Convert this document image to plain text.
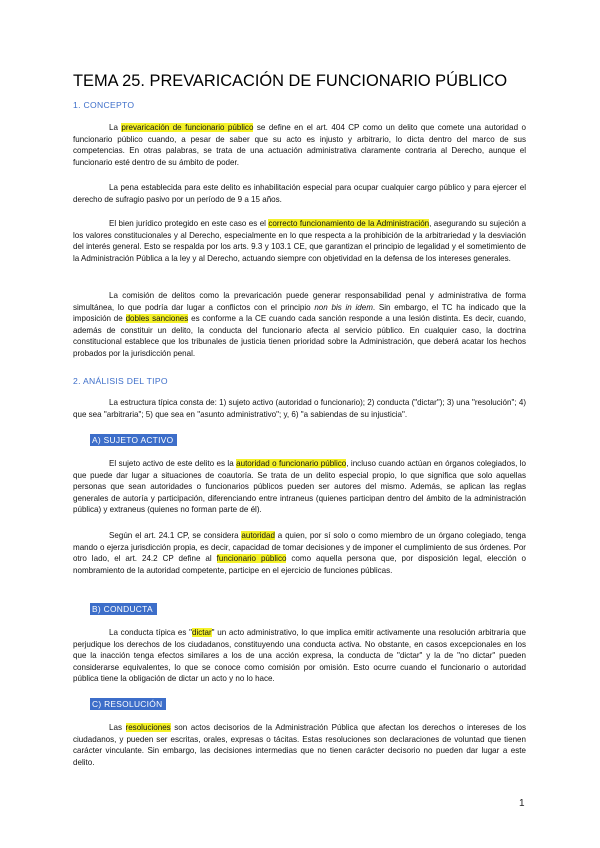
TEMA 25. PREVARICACIÓN DE FUNCIONARIO PÚBLICO

1. CONCEPTO

La prevaricación de funcionario público se define en el art. 404 CP como un delito que comete una autoridad o funcionario público cuando, a pesar de saber que su acto es injusto y arbitrario, lo dicta dentro del marco de sus competencias. En otras palabras, se trata de una actuación administrativa claramente contraria al Derecho, aunque el funcionario esté dentro de su ámbito de poder.

La pena establecida para este delito es inhabilitación especial para ocupar cualquier cargo público y para ejercer el derecho de sufragio pasivo por un período de 9 a 15 años.

El bien jurídico protegido en este caso es el correcto funcionamiento de la Administración, asegurando su sujeción a los valores constitucionales y al Derecho, especialmente en lo que respecta a la prohibición de la arbitrariedad y la desviación del interés general. Esto se respalda por los arts. 9.3 y 103.1 CE, que garantizan el principio de legalidad y el sometimiento de la Administración Pública a la ley y al Derecho, actuando siempre con objetividad en la defensa de los intereses generales.

La comisión de delitos como la prevaricación puede generar responsabilidad penal y administrativa de forma simultánea, lo que podría dar lugar a conflictos con el principio non bis in idem. Sin embargo, el TC ha indicado que la imposición de dobles sanciones es conforme a la CE cuando cada sanción responde a una lesión distinta. Es decir, cuando, además de constituir un delito, la conducta del funcionario afecta al servicio público. En cualquier caso, la doctrina constitucional establece que los tribunales de justicia tienen prioridad sobre la Administración, que deberá acatar los hechos probados por la jurisdicción penal.

2. ANÁLISIS DEL TIPO

La estructura típica consta de: 1) sujeto activo (autoridad o funcionario); 2) conducta ("dictar"); 3) una "resolución"; 4) que sea "arbitraria"; 5) que sea en "asunto administrativo"; y, 6) "a sabiendas de su injusticia".

A) SUJETO ACTIVO

El sujeto activo de este delito es la autoridad o funcionario público, incluso cuando actúan en órganos colegiados, lo que puede dar lugar a situaciones de coautoría. Se trata de un delito especial propio, lo que significa que solo aquellas personas que sean autoridades o funcionarios públicos pueden ser autores del mismo. Además, se aplican las reglas generales de autoría y participación, diferenciando entre intraneus (quienes participan dentro del ámbito de la administración pública) y extraneus (quienes no forman parte de él).

Según el art. 24.1 CP, se considera autoridad a quien, por sí solo o como miembro de un órgano colegiado, tenga mando o ejerza jurisdicción propia, es decir, capacidad de tomar decisiones y de imponer el cumplimiento de sus órdenes. Por otro lado, el art. 24.2 CP define al funcionario público como aquella persona que, por disposición legal, elección o nombramiento de la autoridad competente, participe en el ejercicio de funciones públicas.

B) CONDUCTA

La conducta típica es "dictar" un acto administrativo, lo que implica emitir activamente una resolución arbitraria que perjudique los derechos de los ciudadanos, constituyendo una conducta activa. No obstante, en casos excepcionales en los que la inacción tenga efectos similares a los de una acción expresa, la conducta de "dictar" y la de "no dictar" pueden considerarse equivalentes, lo que se conoce como comisión por omisión. Esto ocurre cuando el funcionario o autoridad pública tiene la obligación de dictar un acto y no lo hace.

C) RESOLUCIÓN

Las resoluciones son actos decisorios de la Administración Pública que afectan los derechos o intereses de los ciudadanos, y pueden ser escritas, orales, expresas o tácitas. Estas resoluciones son declaraciones de voluntad que tienen carácter vinculante. Sin embargo, las decisiones intermedias que no tienen carácter decisorio no pueden dar lugar a este delito.

1
